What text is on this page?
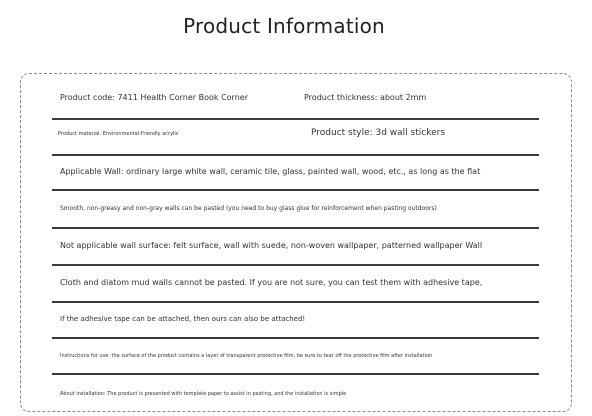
Product Information
Product code: 7411 Health Corner Book Corner	Product thickness: about 2mm
Product material: Environmental-Friendly acrylic	Product style: 3d wall stickers
Applicable Wall: ordinary large white wall, ceramic tile, glass, painted wall, wood, etc., as long as the flat
Smooth, non-greasy and non-gray walls can be pasted (you need to buy glass glue for reinforcement when pasting outdoors)
Not applicable wall surface: felt surface, wall with suede, non-woven wallpaper, patterned wallpaper Wall
Cloth and diatom mud walls cannot be pasted. If you are not sure, you can test them with adhesive tape,
If the adhesive tape can be attached, then ours can also be attached!
Instructions for use: the surface of the product contains a layer of transparent protective film, be sure to tear off the protective film after installation
About installation: The product is presented with template paper to assist in pasting, and the installation is simple
